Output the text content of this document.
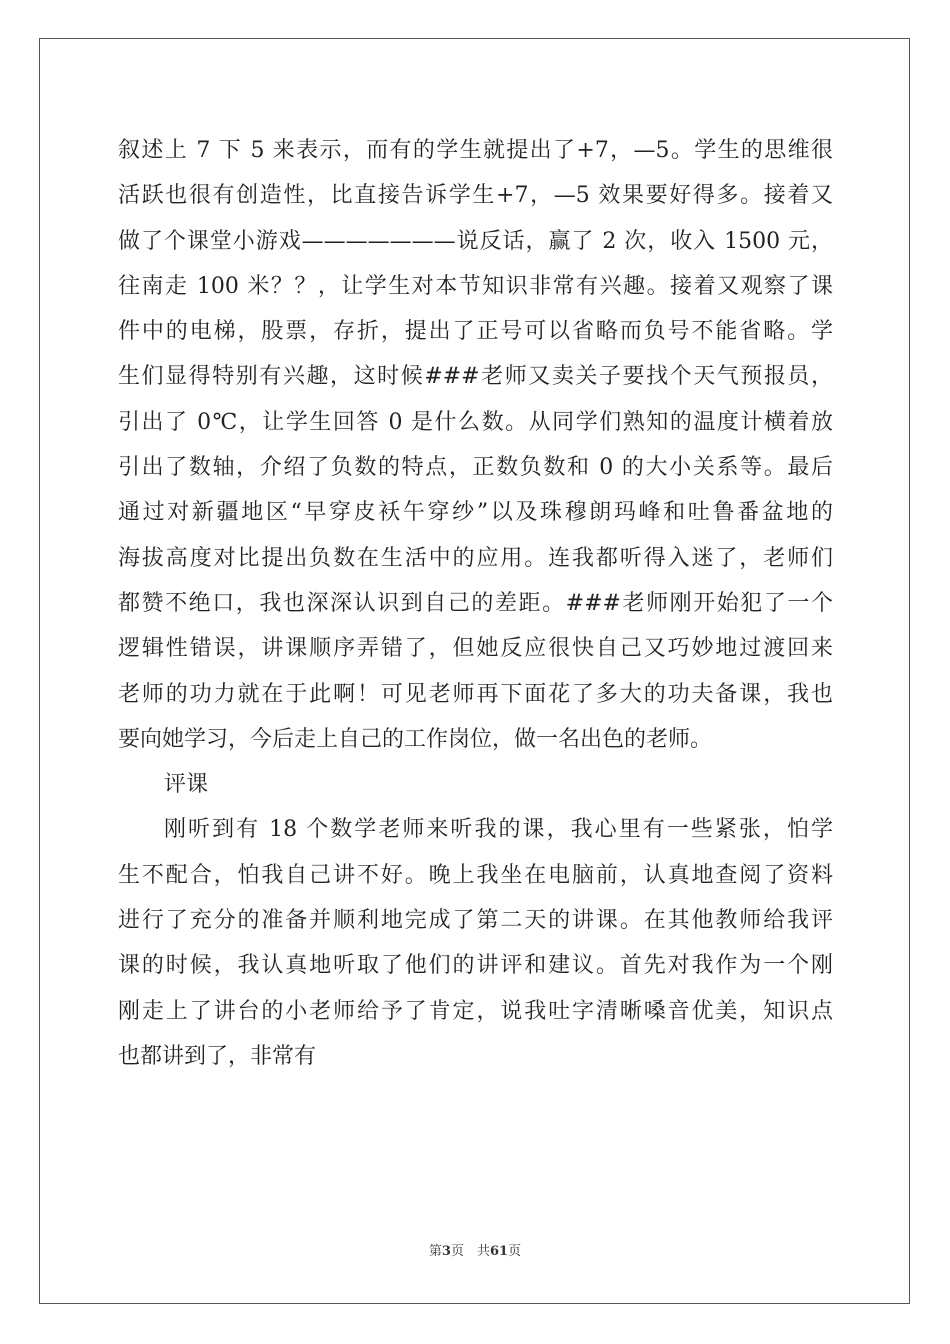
叙述上 7 下 5 来表示，而有的学生就提出了+7，—5。学生的思维很
活跃也很有创造性，比直接告诉学生+7，—5 效果要好得多。接着又
做了个课堂小游戏———————说反话，赢了 2 次，收入 1500 元，
往南走 100 米？？，让学生对本节知识非常有兴趣。接着又观察了课
件中的电梯，股票，存折，提出了正号可以省略而负号不能省略。学
生们显得特别有兴趣，这时候###老师又卖关子要找个天气预报员，
引出了 0℃，让学生回答 0 是什么数。从同学们熟知的温度计横着放
引出了数轴，介绍了负数的特点，正数负数和 0 的大小关系等。最后
通过对新疆地区“早穿皮袄午穿纱”以及珠穆朗玛峰和吐鲁番盆地的
海拔高度对比提出负数在生活中的应用。连我都听得入迷了，老师们
都赞不绝口，我也深深认识到自己的差距。###老师刚开始犯了一个
逻辑性错误，讲课顺序弄错了，但她反应很快自己又巧妙地过渡回来
老师的功力就在于此啊！可见老师再下面花了多大的功夫备课，我也
要向她学习，今后走上自己的工作岗位，做一名出色的老师。
评课
刚听到有 18 个数学老师来听我的课，我心里有一些紧张，怕学
生不配合，怕我自己讲不好。晚上我坐在电脑前，认真地查阅了资料
进行了充分的准备并顺利地完成了第二天的讲课。在其他教师给我评
课的时候，我认真地听取了他们的讲评和建议。首先对我作为一个刚
刚走上了讲台的小老师给予了肯定，说我吐字清晰嗓音优美，知识点
也都讲到了，非常有
第3页　共61页
